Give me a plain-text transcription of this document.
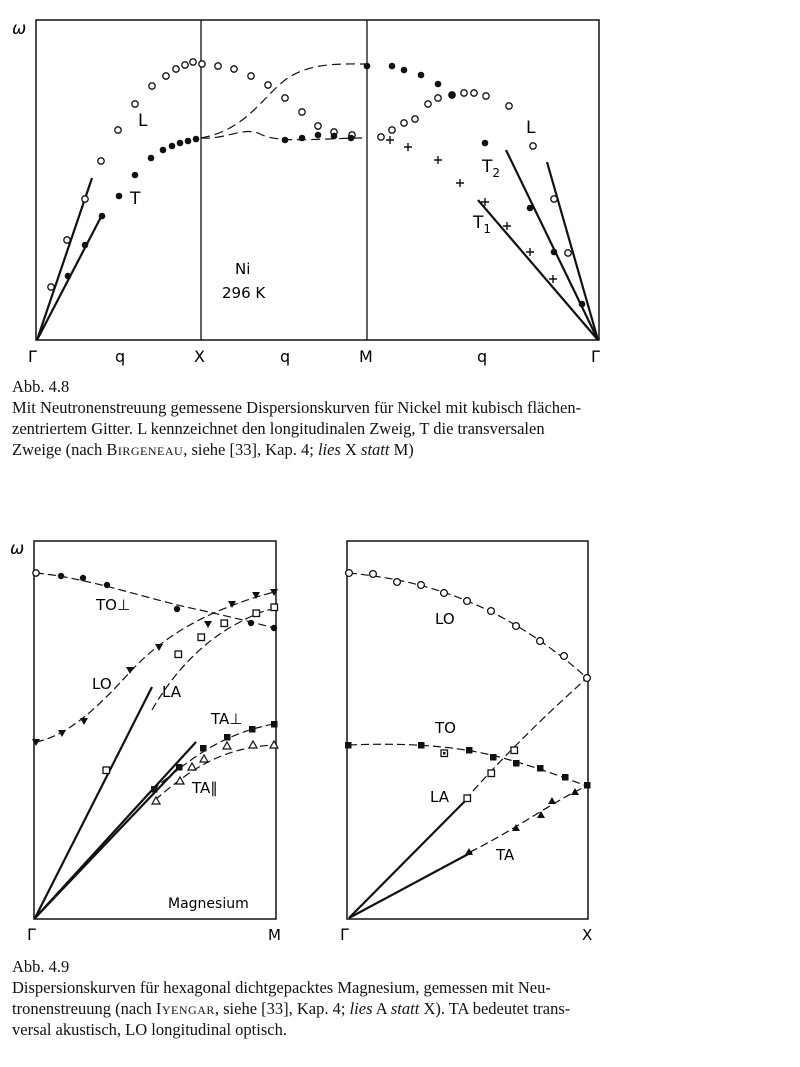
ω
L
T
L
$T_2$
$T_1$
Ni
296 K
Γ	q	X	q	M	q	Γ
Abb. 4.8
Mit Neutronenstreuung gemessene Dispersionskurven für Nickel mit kubisch flächen-
zentriertem Gitter. L kennzeichnet den longitudinalen Zweig, T die transversalen
Zweige (nach Birgeneau, siehe [33], Kap. 4; lies X statt M)
ω
TO⊥
LO	LA
TA⊥
TA∥
Magnesium
Γ	M
LO
TO
LA
TA
Γ	X
Abb. 4.9
Dispersionskurven für hexagonal dichtgepacktes Magnesium, gemessen mit Neu-
tronenstreuung (nach Iyengar, siehe [33], Kap. 4; lies A statt X). TA bedeutet trans-
versal akustisch, LO longitudinal optisch.
